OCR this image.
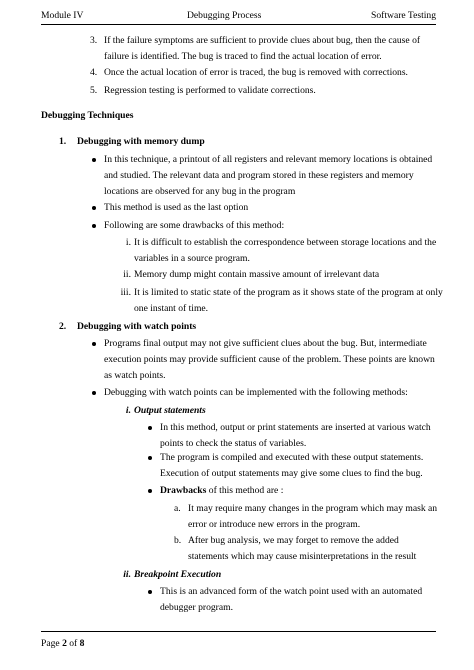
Module IV	Debugging Process	Software Testing
3. If the failure symptoms are sufficient to provide clues about bug, then the cause of
failure is identified. The bug is traced to find the actual location of error.
4. Once the actual location of error is traced, the bug is removed with corrections.
5. Regression testing is performed to validate corrections.
Debugging Techniques
1. Debugging with memory dump
In this technique, a printout of all registers and relevant memory locations is obtained
and studied. The relevant data and program stored in these registers and memory
locations are observed for any bug in the program
This method is used as the last option
Following are some drawbacks of this method:
i. It is difficult to establish the correspondence between storage locations and the
variables in a source program.
ii. Memory dump might contain massive amount of irrelevant data
iii. It is limited to static state of the program as it shows state of the program at only
one instant of time.
2. Debugging with watch points
Programs final output may not give sufficient clues about the bug. But, intermediate
execution points may provide sufficient cause of the problem. These points are known
as watch points.
Debugging with watch points can be implemented with the following methods:
i. Output statements
In this method, output or print statements are inserted at various watch
points to check the status of variables.
The program is compiled and executed with these output statements.
Execution of output statements may give some clues to find the bug.
Drawbacks of this method are :
a. It may require many changes in the program which may mask an
error or introduce new errors in the program.
b. After bug analysis, we may forget to remove the added
statements which may cause misinterpretations in the result
ii. Breakpoint Execution
This is an advanced form of the watch point used with an automated
debugger program.
Page 2 of 8
